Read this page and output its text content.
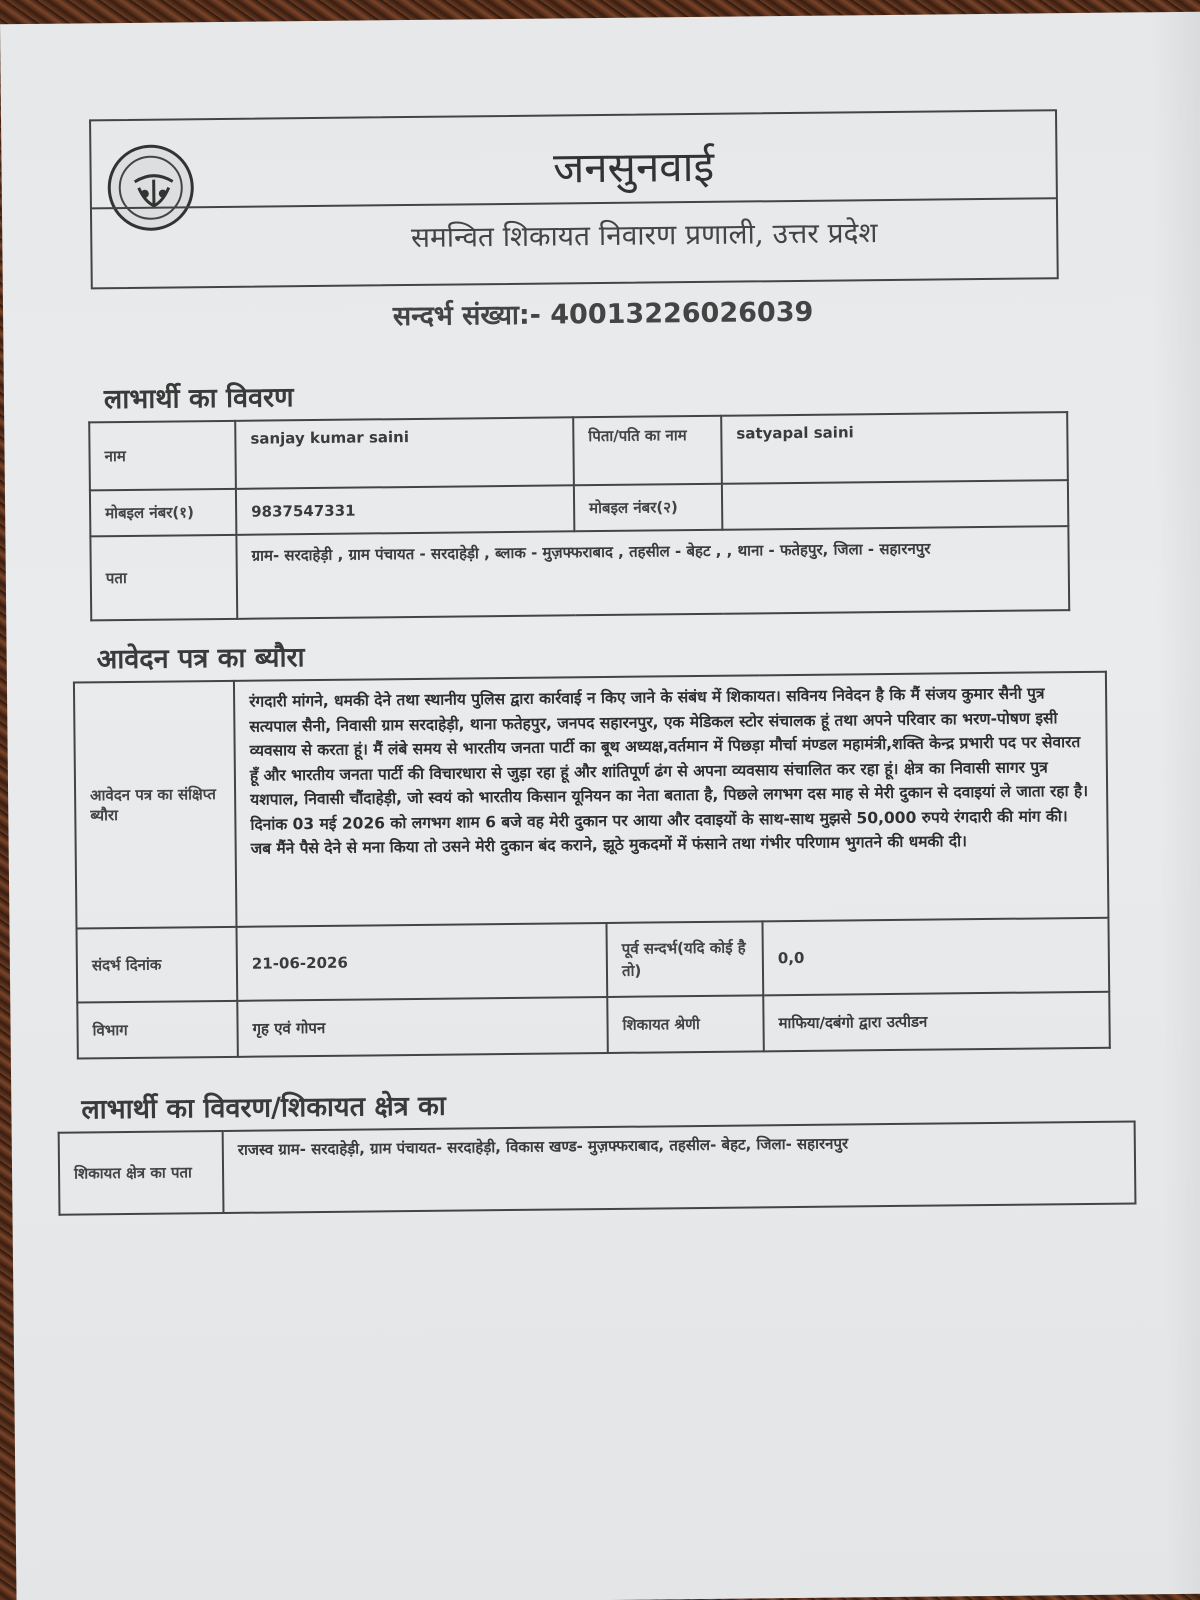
जनसुनवाई
समन्वित शिकायत निवारण प्रणाली, उत्तर प्रदेश
सन्दर्भ संख्या:- 40013226026039
लाभार्थी का विवरण
नाम	sanjay kumar saini	पिता/पति का नाम	satyapal saini
मोबइल नंबर(१)	9837547331	मोबइल नंबर(२)	
पता	ग्राम- सरदाहेड़ी , ग्राम पंचायत - सरदाहेड़ी , ब्लाक - मुज़फ्फराबाद , तहसील - बेहट , , थाना - फतेहपुर, जिला - सहारनपुर		
आवेदन पत्र का ब्यौरा
आवेदन पत्र का संक्षिप्त ब्यौरा	रंगदारी मांगने, धमकी देने तथा स्थानीय पुलिस द्वारा कार्रवाई न किए जाने के संबंध में शिकायत। सविनय निवेदन है कि मैं संजय कुमार सैनी पुत्र सत्यपाल सैनी, निवासी ग्राम सरदाहेड़ी, थाना फतेहपुर, जनपद सहारनपुर, एक मेडिकल स्टोर संचालक हूं तथा अपने परिवार का भरण-पोषण इसी व्यवसाय से करता हूं। मैं लंबे समय से भारतीय जनता पार्टी का बूथ अध्यक्ष,वर्तमान में पिछड़ा मौर्चा मंण्डल महामंत्री,शक्ति केन्द्र प्रभारी पद पर सेवारत हूँ और भारतीय जनता पार्टी की विचारधारा से जुड़ा रहा हूं और शांतिपूर्ण ढंग से अपना व्यवसाय संचालित कर रहा हूं। क्षेत्र का निवासी सागर पुत्र यशपाल, निवासी चौंदाहेड़ी, जो स्वयं को भारतीय किसान यूनियन का नेता बताता है, पिछले लगभग दस माह से मेरी दुकान से दवाइयां ले जाता रहा है। दिनांक 03 मई 2026 को लगभग शाम 6 बजे वह मेरी दुकान पर आया और दवाइयों के साथ-साथ मुझसे 50,000 रुपये रंगदारी की मांग की। जब मैंने पैसे देने से मना किया तो उसने मेरी दुकान बंद कराने, झूठे मुकदमों में फंसाने तथा गंभीर परिणाम भुगतने की धमकी दी।		
संदर्भ दिनांक	21-06-2026	पूर्व सन्दर्भ(यदि कोई है तो)	0,0
विभाग	गृह एवं गोपन	शिकायत श्रेणी	माफिया/दबंगो द्वारा उत्पीडन
लाभार्थी का विवरण/शिकायत क्षेत्र का
शिकायत क्षेत्र का पता	राजस्व ग्राम- सरदाहेड़ी, ग्राम पंचायत- सरदाहेड़ी, विकास खण्ड- मुज़फ्फराबाद, तहसील- बेहट, जिला- सहारनपुर
